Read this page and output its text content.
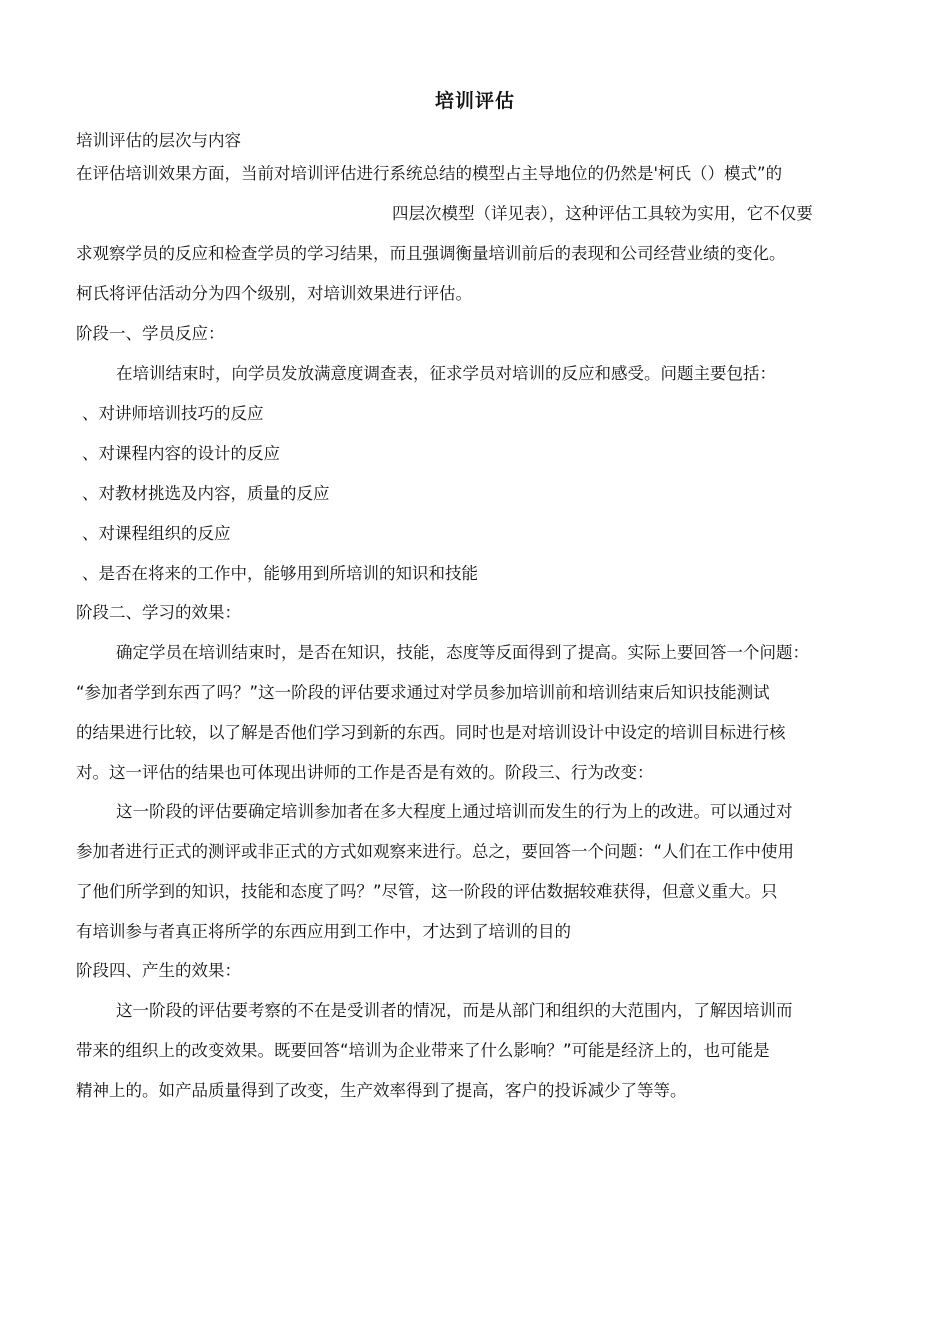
培训评估
培训评估的层次与内容
在评估培训效果方面，当前对培训评估进行系统总结的模型占主导地位的仍然是'柯氏（）模式”的
四层次模型（详见表），这种评估工具较为实用，它不仅要
求观察学员的反应和检查学员的学习结果，而且强调衡量培训前后的表现和公司经营业绩的变化。
柯氏将评估活动分为四个级别，对培训效果进行评估。
阶段一、学员反应：
在培训结束时，向学员发放满意度调查表，征求学员对培训的反应和感受。问题主要包括：
、对讲师培训技巧的反应
、对课程内容的设计的反应
、对教材挑选及内容，质量的反应
、对课程组织的反应
、是否在将来的工作中，能够用到所培训的知识和技能
阶段二、学习的效果：
确定学员在培训结束时，是否在知识，技能，态度等反面得到了提高。实际上要回答一个问题：
“参加者学到东西了吗？”这一阶段的评估要求通过对学员参加培训前和培训结束后知识技能测试
的结果进行比较，以了解是否他们学习到新的东西。同时也是对培训设计中设定的培训目标进行核
对。这一评估的结果也可体现出讲师的工作是否是有效的。阶段三、行为改变：
这一阶段的评估要确定培训参加者在多大程度上通过培训而发生的行为上的改进。可以通过对
参加者进行正式的测评或非正式的方式如观察来进行。总之，要回答一个问题：“人们在工作中使用
了他们所学到的知识，技能和态度了吗？”尽管，这一阶段的评估数据较难获得，但意义重大。只
有培训参与者真正将所学的东西应用到工作中，才达到了培训的目的
阶段四、产生的效果：
这一阶段的评估要考察的不在是受训者的情况，而是从部门和组织的大范围内，了解因培训而
带来的组织上的改变效果。既要回答“培训为企业带来了什么影响？”可能是经济上的，也可能是
精神上的。如产品质量得到了改变，生产效率得到了提高，客户的投诉减少了等等。
